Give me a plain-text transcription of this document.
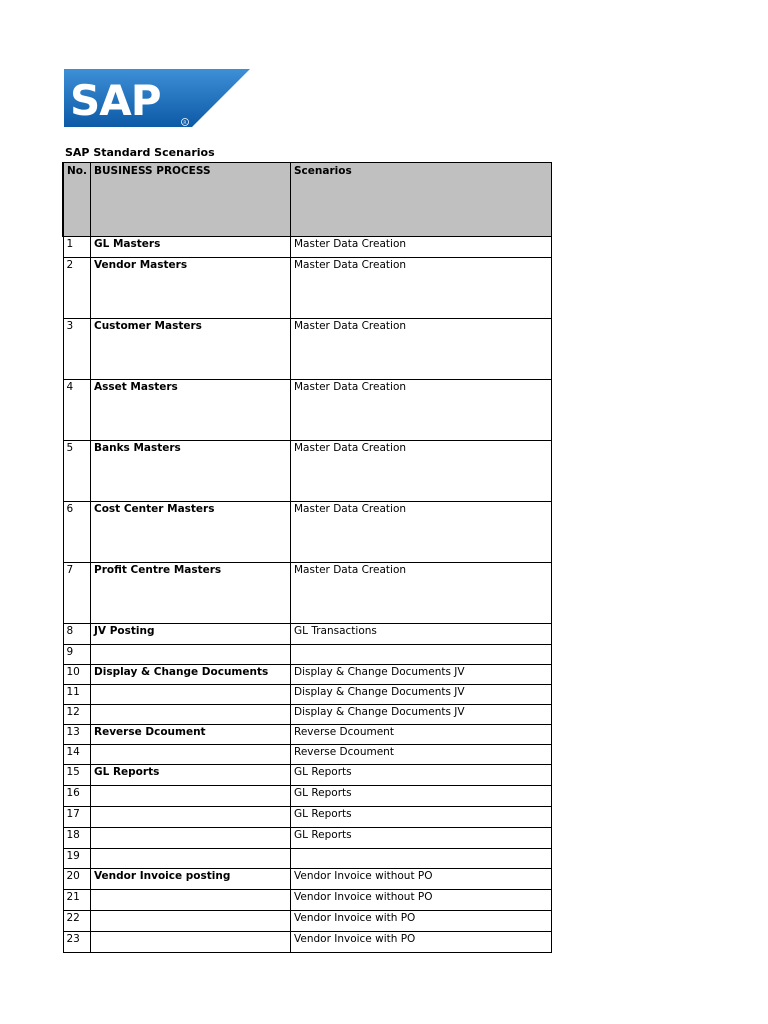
SAP	R
SAP Standard Scenarios
No.	BUSINESS PROCESS	Scenarios
1	GL Masters	Master Data Creation
2	Vendor Masters	Master Data Creation
3	Customer Masters	Master Data Creation
4	Asset Masters	Master Data Creation
5	Banks Masters	Master Data Creation
6	Cost Center Masters	Master Data Creation
7	Profit Centre Masters	Master Data Creation
8	JV Posting	GL Transactions
9		
10	Display & Change Documents	Display & Change Documents JV
11		Display & Change Documents JV
12		Display & Change Documents JV
13	Reverse Dcoument	Reverse Dcoument
14		Reverse Dcoument
15	GL Reports	GL Reports
16		GL Reports
17		GL Reports
18		GL Reports
19		
20	Vendor Invoice posting	Vendor Invoice without PO
21		Vendor Invoice without PO
22		Vendor Invoice with PO
23		Vendor Invoice with PO
